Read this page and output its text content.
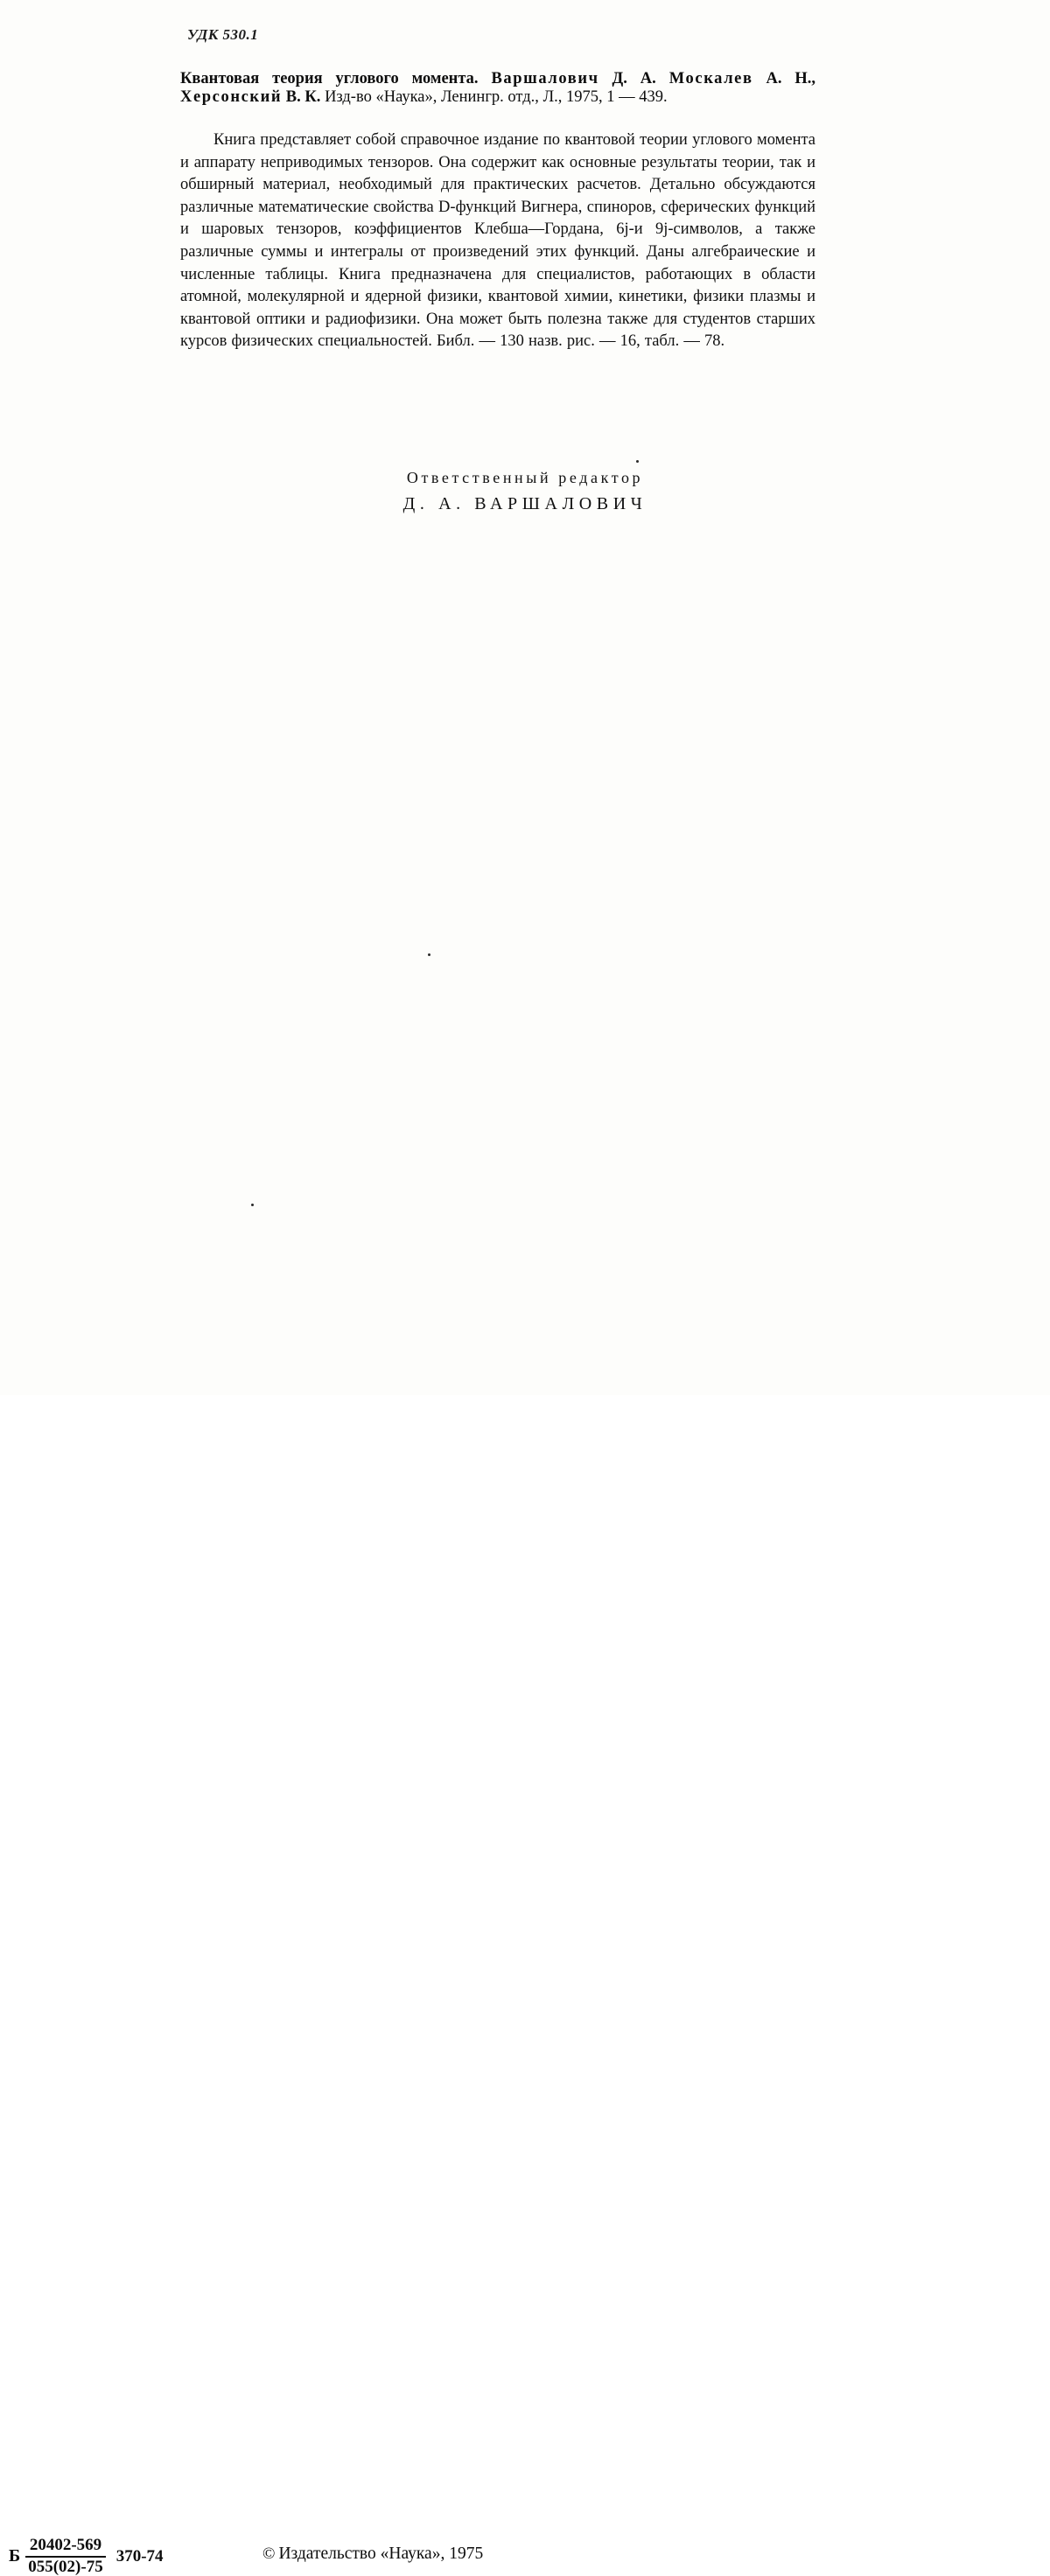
УДК 530.1
Квантовая теория углового момента. Варшалович Д. А. Москалев А. Н., Херсонский В. К. Изд-во «Наука», Ленингр. отд., Л., 1975, 1 — 439.
Книга представляет собой справочное издание по квантовой теории углового момента и аппарату неприводимых тензоров. Она содержит как основные результаты теории, так и обширный материал, необходимый для практических расчетов. Детально обсуждаются различные математические свойства D-функций Вигнера, спиноров, сферических функций и шаровых тензоров, коэффициентов Клебша—Гордана, 6j-и 9j-символов, а также различные суммы и интегралы от произведений этих функций. Даны алгебраические и численные таблицы. Книга предназначена для специалистов, работающих в области атомной, молекулярной и ядерной физики, квантовой химии, кинетики, физики плазмы и квантовой оптики и радиофизики. Она может быть полезна также для студентов старших курсов физических специальностей. Библ. — 130 назв. рис. — 16, табл. — 78.
Ответственный редактор
Д. А. ВАРШАЛОВИЧ
Б $\frac{20402-569}{055(02)-75} 370-74$	© Издательство «Наука», 1975
